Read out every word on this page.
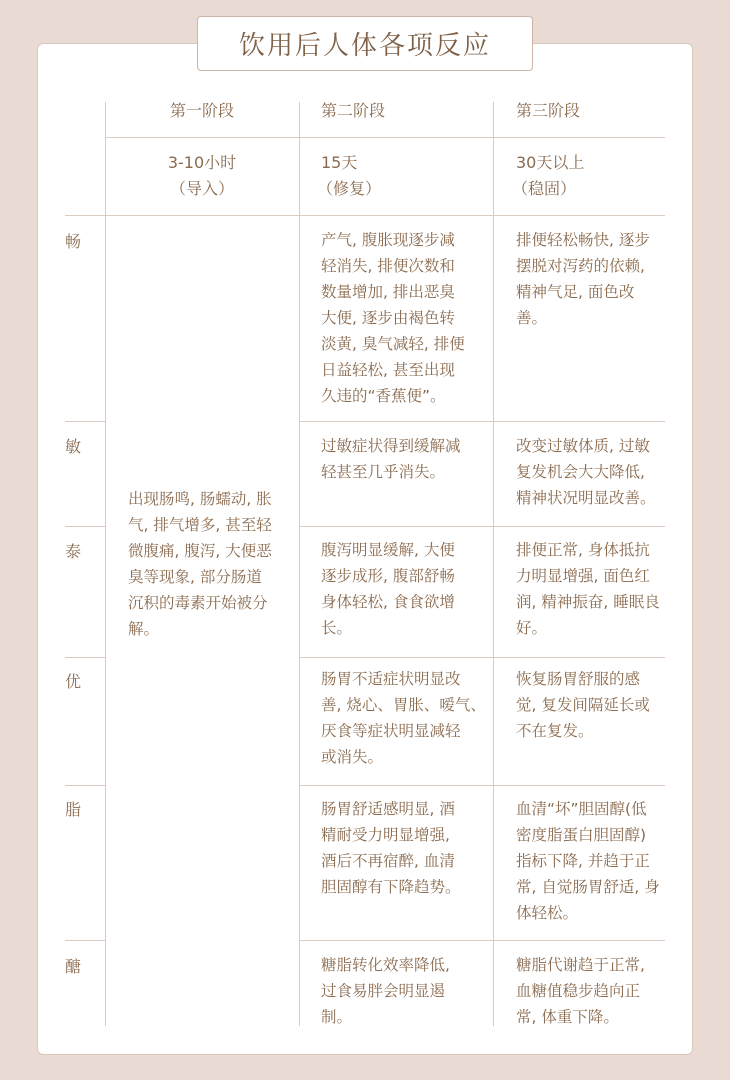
饮用后人体各项反应
第一阶段	第二阶段	第三阶段
3-10小时
（导入）
15天
（修复）
30天以上
（稳固）
出现肠鸣, 肠蠕动, 胀
气, 排气增多, 甚至轻
微腹痛, 腹泻, 大便恶
臭等现象, 部分肠道
沉积的毒素开始被分
解。
畅
敏
泰
优
脂
醣
产气, 腹胀现逐步减
轻消失, 排便次数和
数量增加, 排出恶臭
大便, 逐步由褐色转
淡黄, 臭气减轻, 排便
日益轻松, 甚至出现
久违的“香蕉便”。
过敏症状得到缓解减
轻甚至几乎消失。
腹泻明显缓解, 大便
逐步成形, 腹部舒畅
身体轻松, 食食欲增
长。
肠胃不适症状明显改
善, 烧心、胃胀、嗳气、
厌食等症状明显减轻
或消失。
肠胃舒适感明显, 酒
精耐受力明显增强,
酒后不再宿醉, 血清
胆固醇有下降趋势。
糖脂转化效率降低,
过食易胖会明显遏
制。
排便轻松畅快, 逐步
摆脱对泻药的依赖,
精神气足, 面色改
善。
改变过敏体质, 过敏
复发机会大大降低,
精神状况明显改善。
排便正常, 身体抵抗
力明显增强, 面色红
润, 精神振奋, 睡眠良
好。
恢复肠胃舒服的感
觉, 复发间隔延长或
不在复发。
血清“坏”胆固醇(低
密度脂蛋白胆固醇)
指标下降, 并趋于正
常, 自觉肠胃舒适, 身
体轻松。
糖脂代谢趋于正常,
血糖值稳步趋向正
常, 体重下降。
